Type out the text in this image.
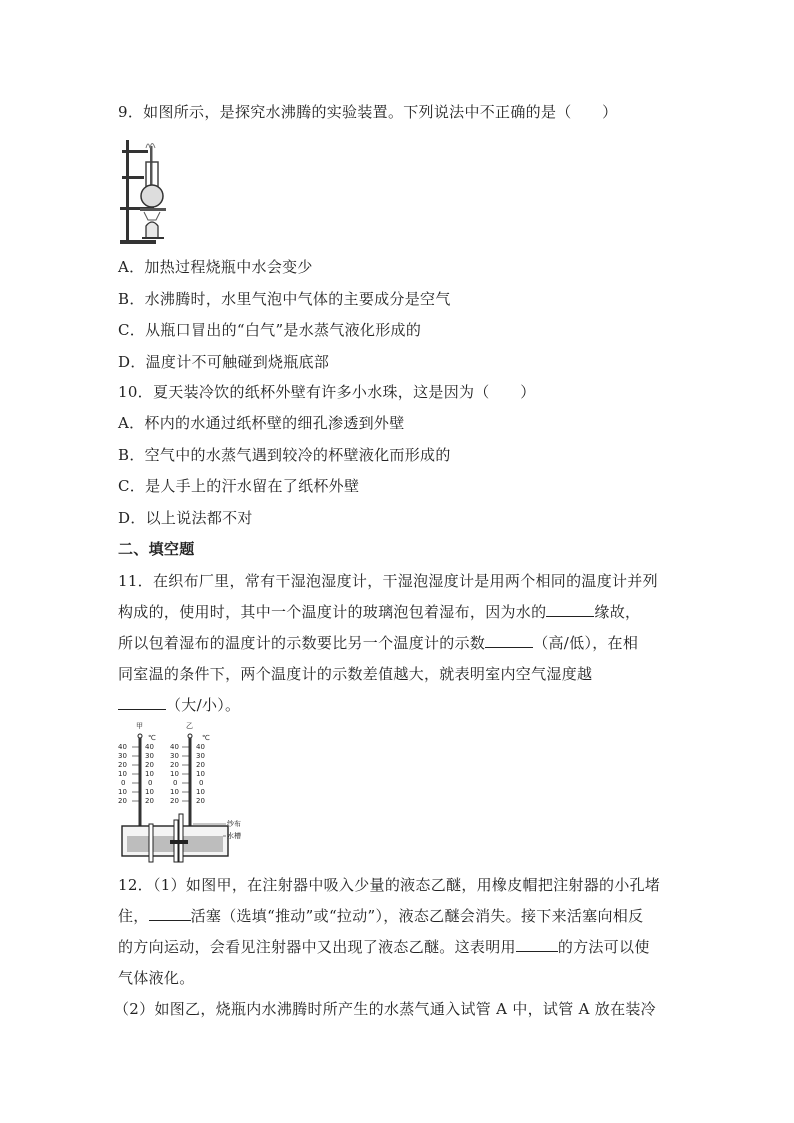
9．如图所示，是探究水沸腾的实验装置。下列说法中不正确的是（　　）
A．加热过程烧瓶中水会变少
B．水沸腾时，水里气泡中气体的主要成分是空气
C．从瓶口冒出的“白气”是水蒸气液化形成的
D．温度计不可触碰到烧瓶底部
10．夏天装冷饮的纸杯外壁有许多小水珠，这是因为（　　）
A．杯内的水通过纸杯壁的细孔渗透到外壁
B．空气中的水蒸气遇到较冷的杯壁液化而形成的
C．是人手上的汗水留在了纸杯外壁
D．以上说法都不对
二、填空题
11．在织布厂里，常有干湿泡湿度计，干湿泡湿度计是用两个相同的温度计并列
构成的，使用时，其中一个温度计的玻璃泡包着湿布，因为水的	缘故，
所以包着湿布的温度计的示数要比另一个温度计的示数	（高/低），在相
同室温的条件下，两个温度计的示数差值越大，就表明室内空气湿度越
（大/小）。
甲	乙
℃	℃
40
30
20
10
0
10
20
40
30
20
10
0
10
20
40
30
20
10
0
10
20
40
30
20
10
0
10
20
纱布
水槽
12．（1）如图甲，在注射器中吸入少量的液态乙醚，用橡皮帽把注射器的小孔堵
住，	活塞（选填“推动”或“拉动”），液态乙醚会消失。接下来活塞向相反
的方向运动，会看见注射器中又出现了液态乙醚。这表明用	的方法可以使
气体液化。
（2）如图乙，烧瓶内水沸腾时所产生的水蒸气通入试管 A 中，试管 A 放在装冷
